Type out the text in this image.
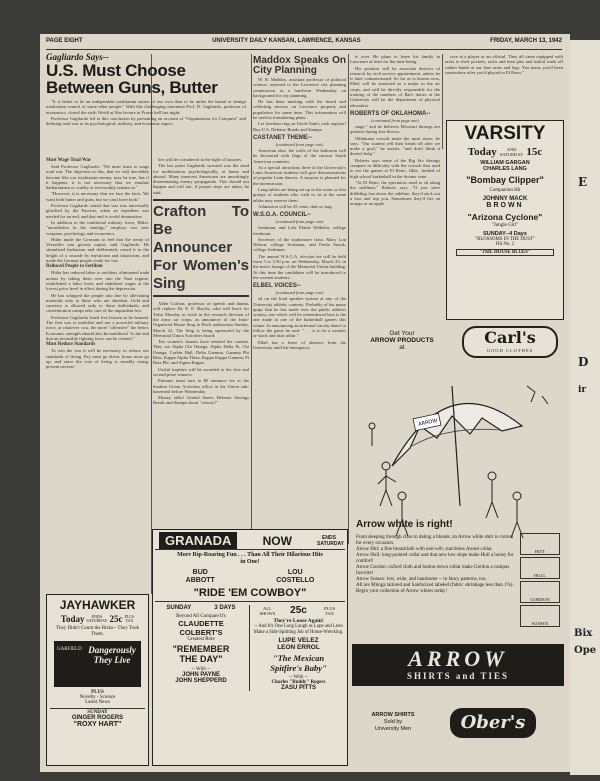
PAGE EIGHT	UNIVERSITY DAILY KANSAN, LAWRENCE, KANSAS	FRIDAY, MARCH 13, 1942
Gagliardo Says--
U.S. Must Choose Between Guns, Butter

"It is better to be an independent totalitarian nation of our own than to be under the brutal or benign totalitarian control of some other people." With this challenging statement Prof. D. Gagliardo, professor of economics, closed the sixth World at War lecture in Fraser hall last night.

Professor Gagliardo led to this conclusion by presenting an account of "Organization for Conquest" and defining total war in its psychological, military, and economic aspect.

Must Wage Total War

Said Professor Gagliardo: "We must learn to wage total war. The objection to this, that we will inevitably become like our totalitarian enemy, may be true, but if it happens, it is not necessary that we emulate barbarianism or cruelty or irrevocably remain so."

"However, it is necessary that we face the facts. We want both butter and guns, but we can't have both."

Professor Gagliardo stated that war was universally glorified by the Fascists, when an expedient was needed for an end, and that end is world domination.

In addition to the traditional military force, Hitler, "unorthodox in his strategy," employs two new weapons, psychology and economics.

Hitler made the Germans to feel that the treaty of Versailles was grossly unjust, said Gagliardo. He stimulated barbarism and deliberately raised it to the height of a crusade by mysticism and fanaticism, and made the German people ready for war.

Reduced People to Serfdom

Hitler has reduced labor to serfdom, eliminated trade unions by taking them over into the Nazi regime, established a labor front, and stabilized wages at the lowest price level in effect during the depression.

He has whipped the people into line by alleviating materials only to those who are obedient. Gold and currency is allowed only to those individuals, and concentration camps take care of the imprudent few.

Professor Gagliardo listed five lessons to be learned. The first was to mobilize and use a powerful military force, at whatever cost, the more "offensive" the better. Economic strength should also be mobilized "to the end that an invincible fighting force can be created."

Must Reduce Standards

To win the war it will be necessary to reduce our standards of living. Pay must go down, hours must go up, and since the cost of living is steadily rising, present necessi-

ties will be considered in the light of luxuries.

The last point Gagliardo stressed was the need for mobilization psychologically, at home and abroad. Many innocent Americans are unwittingly disseminating enemy propaganda. This should not happen and will not, if proper steps are taken, he said.

Crafton To Be Announcer For Women's Sing

Allen Crafton, professor of speech and drama, will replace Dr. E. E. Bayles, who will leave for Tulsa Monday to work in the research division of the army air corps, as announcer of the Intra-Organized House Sing in Hoch auditorium Sunday, March 22. The Sing is being sponsored by the Memorial Union Activities board.

Ten women's houses have entered the contest. They are Alpha Chi Omega, Alpha Delta Pi, Chi Omega, Corbin Hall, Delta Gamma, Gamma Phi Beta, Kappa Alpha Theta, Kappa Kappa Gamma, Pi Beta Phi, and Sigma Kappa.

Useful trophies will be awarded to the first and second prize winners.

Entrants must turn in $5 entrance fee at the Student Union Activities office in the Union sub-basement before Wednesday.

Money talks! United States Defense Savings Bonds and Stamps shout "victory!"

Maddox Speaks On City Planning

W. B. Maddox, assistant professor of political science, reported to the Lawrence city planning commission at a luncheon Wednesday on background for city planning.

He has been meeting with the board and collecting surveys on Lawrence property and population for some time. This information will be used in formulating plans.

Let freedom ring on Uncle Sam's cash register! Buy U.S. Defense Bonds and Stamps.

CASTANET THEME--
(continued from page one)

American idea, the walls of the ballroom will be decorated with flags of the various South American countries.

As a special attraction, three of the University's Latin American students will give demonstrations of popular Latin dances. A surprise is planned for the intermission.

Long tables are being set up in the room so that groups of students who wish to sit at the same tables may reserve them.

Admission will be 25 cents, date or stag.

W.S.G.A. COUNCIL--
(continued from page one)

freshman, and Lola Elaine Wilhelm, college freshman.

Secretary of the sophomore class: Mary Lou Nelson, college freshman, and Freda Snook, college freshman.

The annual W.S.G.A. election tea will be held from 3 to 5:30 p.m. on Wednesday, March 25, in the men's lounge of the Memorial Union building. At this time the candidates will be introduced to the women students.

ELBEL VOICES--
(continued from page one)

ed on the loud speaker system at any of the University athletic contests. Probably of his many quips that he has made over the public address system, one which will be remembered best is the one made at one of the basketball games this winter. In announcing an informal varsity dance to follow the game he said: ". . . is to be a sweater or-slack and skirt affair."

Elbel has a leave of absence from the University until the emergency

is over. He plans to leave his family in Lawrence at least for the time being.

His position will be associate director of research by civil service appointment, unless he is later commissioned. So far as is known now, Elbel will be stationed as a major in the air corps, and will be directly responsible for the training of the numbers of Bat's duties at the University will be the department of physical education.

ROBERTS OF OKLAHOMA--
(continued from page one)

stage," and he believes Missouri throngs are quietest during free throws.

Oklahoma crowds make the most noise, he says. "Our student yell their heads off after we make a goal," he asserts, "and don't think it doesn't help."

Roberts says some of the Big Six throngs compare in difficulty with the crowds that used to see the games at El Reno, Okla., hotbed of high school basketball in the Sooner state.

"At El Reno, the spectators used to sit along the sidelines," Roberts says. "If you were dribbling fast down the sideline, they'd stick out a foot and trip you. Sometimes they'd fire an orange or an apple

core at a player or an official. They all came equipped with tacks in their pockets, tacks and bent pins and tinfoil wads off rubber bands at our bare arms and legs. You know you'd been somewhere after you'd played in El Reno."

VARSITY
Today	AND
SATURDAY 15c
WILLIAM GARGAN
CHARLES LANG
"Bombay Clipper"
Companion Hit
JOHNNY MACK
BROWN
"Arizona Cyclone"
"Jungle Girl"
SUNDAY--4 Days
"BLOSSOMS IN THE DUST"
Hit No. 2
"JAIL HOUSE BLUES"
Get Your
ARROW PRODUCTS
at
Carl's
GOOD CLOTHES
ARROW
Arrow white is right!
From sleeping through class to dating a blonde, an Arrow white shirt is correct for every occasion.
Arrow Hitt: a fine broadcloth with non-wilt, starchless Aroset collar.
Arrow Hull: long-pointed collar and that new low slope make Hull a honey for comfort!
Arrow Gordon: oxford cloth and button-down collar make Gordon a campus favorite!
Arrow Sussex: low, wide, and handsome -- in fancy patterns, too.
All are Mitoga tailored and Sanforized labeled (fabric shrinkage less than 1%). Begin your collection of Arrow whites today!
HITT
HULL
GORDON
SUSSEX
ARROW
SHIRTS and TIES
ARROW SHIRTS
Sold by
University Men	Ober's
JAYHAWKER
Today	ENDS
SATURDAY 25c PLUS
TAX
They Didn't Count the Risks-- They Took Them.
GARFIELD Dangerously They Live
PLUS
Novelty - Science
Latest News
SUNDAY
GINGER ROGERS
"ROXY HART"
GRANADA	NOW	ENDS SATURDAY
More Rip-Roaring Fun . . . Than All Their Hilarious Hits in One!
BUD
ABBOTT
LOU
COSTELLO
"RIDE 'EM COWBOY"
SUNDAY	3 DAYS
Beyond All Compare It's
CLAUDETTE
COLBERT'S
Greatest Role
"REMEMBER
THE DAY"
-- With --
JOHN PAYNE
JOHN SHEPPERD
ALL SHOWS 25c	PLUS TAX
They're Loose Again!
-- And It's One Long Laugh as Lupe and Leon Make a Side-Splitting Job of Home-Wrecking.
LUPE VELEZ
LEON ERROL
"The Mexican
Spitfire's Baby"
-- With --
Charles "Buddy" Rogers
ZASU PITTS
E
D
ir
Bix
Ope
